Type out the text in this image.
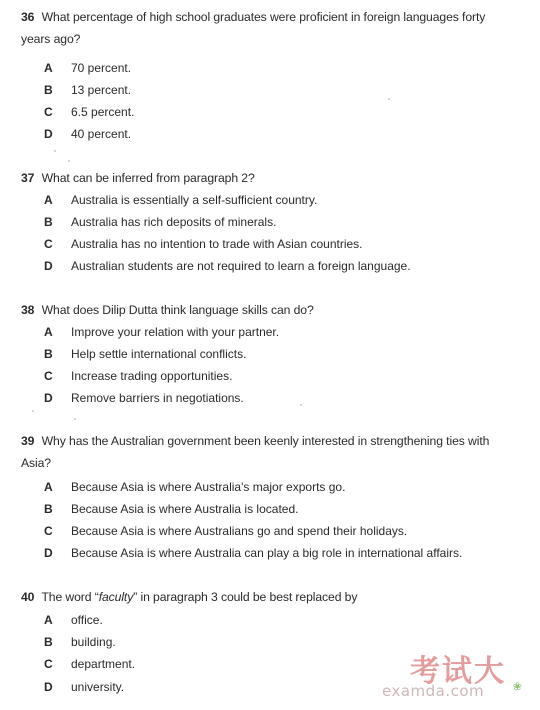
36 What percentage of high school graduates were proficient in foreign languages forty
years ago?
A 70 percent.
B 13 percent.
C 6.5 percent.
D 40 percent.
37 What can be inferred from paragraph 2?
A Australia is essentially a self-sufficient country.
B Australia has rich deposits of minerals.
C Australia has no intention to trade with Asian countries.
D Australian students are not required to learn a foreign language.
38 What does Dilip Dutta think language skills can do?
A Improve your relation with your partner.
B Help settle international conflicts.
C Increase trading opportunities.
D Remove barriers in negotiations.
39 Why has the Australian government been keenly interested in strengthening ties with
Asia?
A Because Asia is where Australia's major exports go.
B Because Asia is where Australia is located.
C Because Asia is where Australians go and spend their holidays.
D Because Asia is where Australia can play a big role in international affairs.
40 The word “faculty” in paragraph 3 could be best replaced by
A office.
B building.
C department.
D university.	考试大
examda.com	❀
